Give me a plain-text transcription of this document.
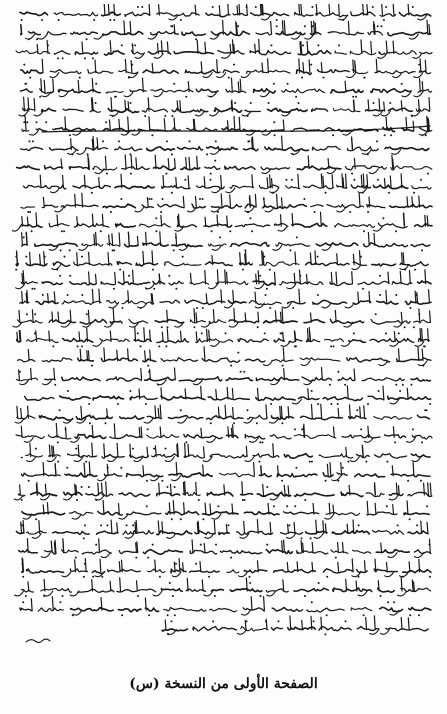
الصفحة الأولى من النسخة (س)
